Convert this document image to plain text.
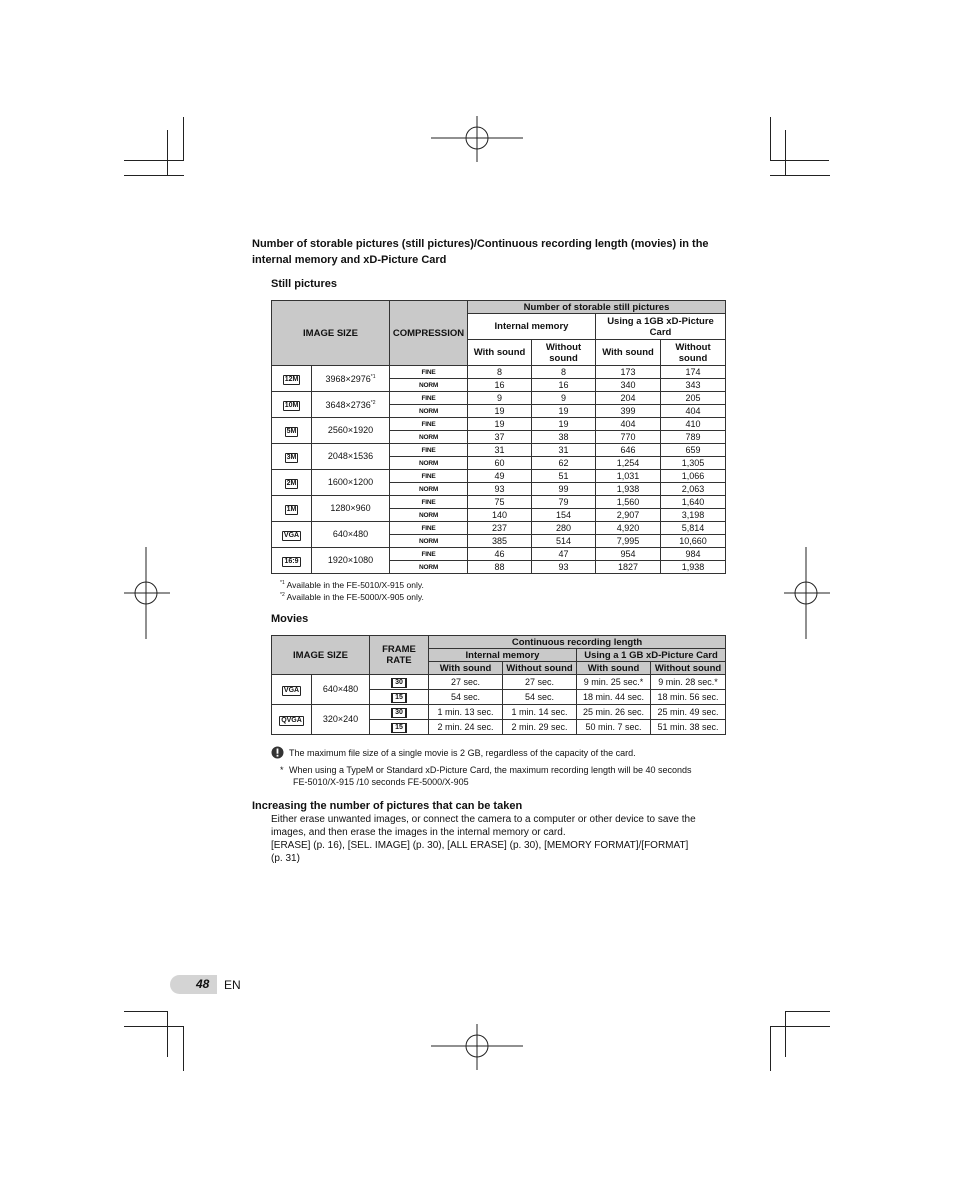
Number of storable pictures (still pictures)/Continuous recording length (movies) in the
internal memory and xD-Picture Card
Still pictures
IMAGE SIZE		COMPRESSION	Number of storable still pictures			
			Internal memory		Using a 1GB xD-Picture Card	
			With sound	Without sound	With sound	Without sound
12M	$3968\times 2976^{*1}$	FINE	8	8	173	174
		NORM	16	16	340	343
10M	$3648\times 2736^{*2}$	FINE	9	9	204	205
		NORM	19	19	399	404
5M	2560×1920	FINE	19	19	404	410
		NORM	37	38	770	789
3M	2048×1536	FINE	31	31	646	659
		NORM	60	62	1,254	1,305
2M	1600×1200	FINE	49	51	1,031	1,066
		NORM	93	99	1,938	2,063
1M	1280×960	FINE	75	79	1,560	1,640
		NORM	140	154	2,907	3,198
VGA	640×480	FINE	237	280	4,920	5,814
		NORM	385	514	7,995	10,660
16:9	1920×1080	FINE	46	47	954	984
		NORM	88	93	1827	1,938
$^{*1}$ Available in the FE-5010/X-915 only.
$^{*2}$ Available in the FE-5000/X-905 only.
Movies
IMAGE SIZE		FRAME RATE	Continuous recording length			
			Internal memory		Using a 1 GB xD-Picture Card	
			With sound	Without sound	With sound	Without sound
VGA	640×480	30	27 sec.	27 sec.	9 min. 25 sec.*	9 min. 28 sec.*
		15	54 sec.	54 sec.	18 min. 44 sec.	18 min. 56 sec.
QVGA	320×240	30	1 min. 13 sec.	1 min. 14 sec.	25 min. 26 sec.	25 min. 49 sec.
		15	2 min. 24 sec.	2 min. 29 sec.	50 min. 7 sec.	51 min. 38 sec.
The maximum file size of a single movie is 2 GB, regardless of the capacity of the card.
* When using a TypeM or Standard xD-Picture Card, the maximum recording length will be 40 seconds
FE-5010/X-915 /10 seconds FE-5000/X-905
Increasing the number of pictures that can be taken
Either erase unwanted images, or connect the camera to a computer or other device to save the
images, and then erase the images in the internal memory or card.
[ERASE] (p. 16), [SEL. IMAGE] (p. 30), [ALL ERASE] (p. 30), [MEMORY FORMAT]/[FORMAT]
(p. 31)
48 EN
